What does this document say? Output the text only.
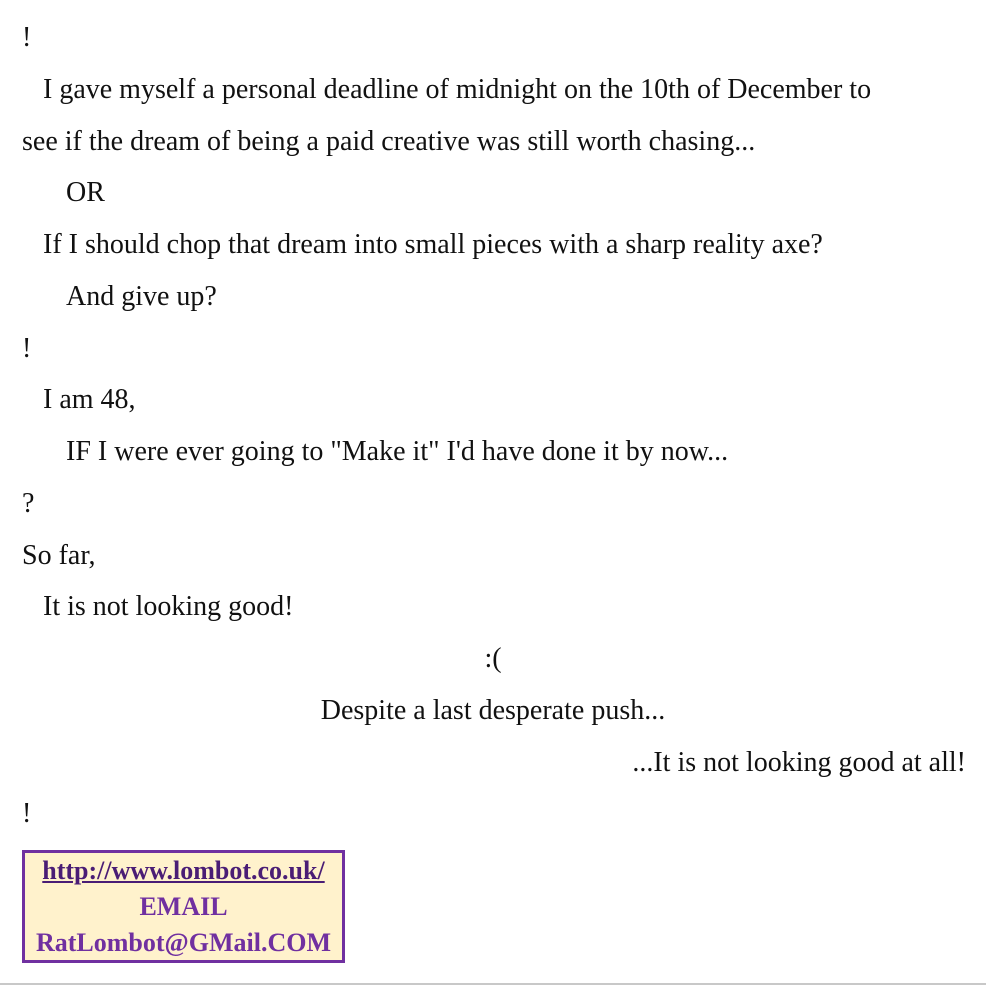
!
I gave myself a personal deadline of midnight on the 10th of December to
see if the dream of being a paid creative was still worth chasing...
OR
If I should chop that dream into small pieces with a sharp reality axe?
And give up?
!
I am 48,
IF I were ever going to "Make it" I'd have done it by now...
?
So far,
It is not looking good!
:(
Despite a last desperate push...
...It is not looking good at all!
!
http://www.lombot.co.uk/
EMAIL
RatLombot@GMail.COM
